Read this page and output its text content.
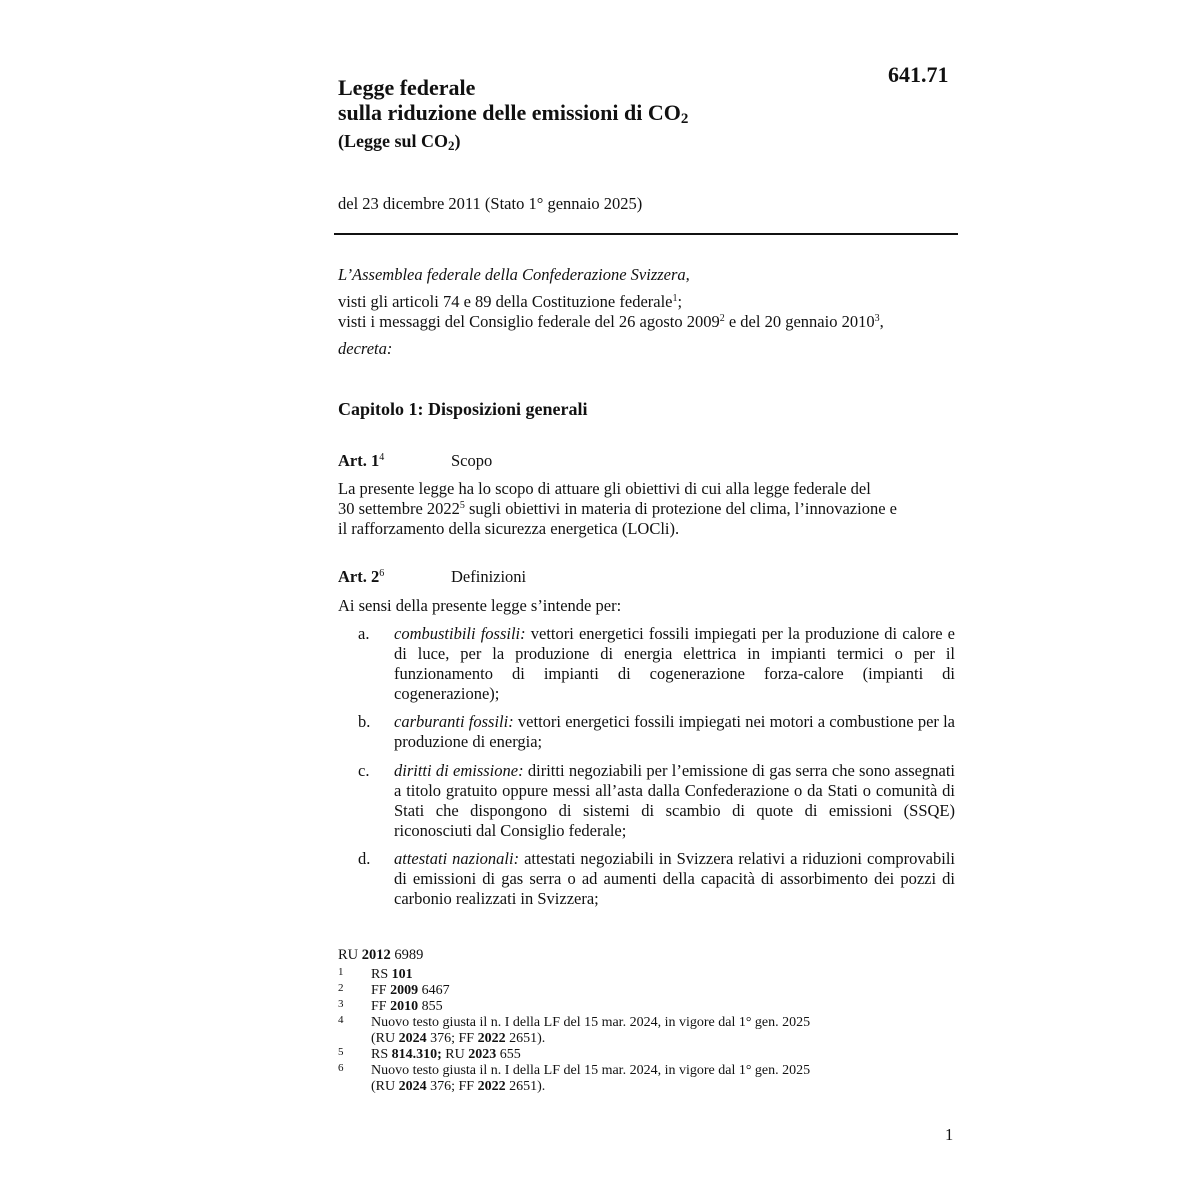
641.71
Legge federale
sulla riduzione delle emissioni di CO2
(Legge sul CO2)
del 23 dicembre 2011 (Stato 1° gennaio 2025)
L’Assemblea federale della Confederazione Svizzera,
visti gli articoli 74 e 89 della Costituzione federale$^1$;
visti i messaggi del Consiglio federale del 26 agosto 2009$^2$ e del 20 gennaio 2010$^3$,
decreta:
Capitolo 1: Disposizioni generali
Art. $1^4$	Scopo
La presente legge ha lo scopo di attuare gli obiettivi di cui alla legge federale del
30 settembre 2022$^5$ sugli obiettivi in materia di protezione del clima, l’innovazione e
il rafforzamento della sicurezza energetica (LOCli).
Art. $2^6$	Definizioni
Ai sensi della presente legge s’intende per:
a. combustibili fossili: vettori energetici fossili impiegati per la produzione di calore e di luce, per la produzione di energia elettrica in impianti termici o per il funzionamento di impianti di cogenerazione forza-calore (impianti di cogenerazione);
b. carburanti fossili: vettori energetici fossili impiegati nei motori a combustione per la produzione di energia;
c. diritti di emissione: diritti negoziabili per l’emissione di gas serra che sono assegnati a titolo gratuito oppure messi all’asta dalla Confederazione o da Stati o comunità di Stati che dispongono di sistemi di scambio di quote di emissioni (SSQE) riconosciuti dal Consiglio federale;
d. attestati nazionali: attestati negoziabili in Svizzera relativi a riduzioni comprovabili di emissioni di gas serra o ad aumenti della capacità di assorbimento dei pozzi di carbonio realizzati in Svizzera;
RU 2012 6989
1 RS 101
2 FF 2009 6467
3 FF 2010 855
4 Nuovo testo giusta il n. I della LF del 15 mar. 2024, in vigore dal 1° gen. 2025
(RU 2024 376; FF 2022 2651).
5 RS 814.310; RU 2023 655
6 Nuovo testo giusta il n. I della LF del 15 mar. 2024, in vigore dal 1° gen. 2025
(RU 2024 376; FF 2022 2651).
1
